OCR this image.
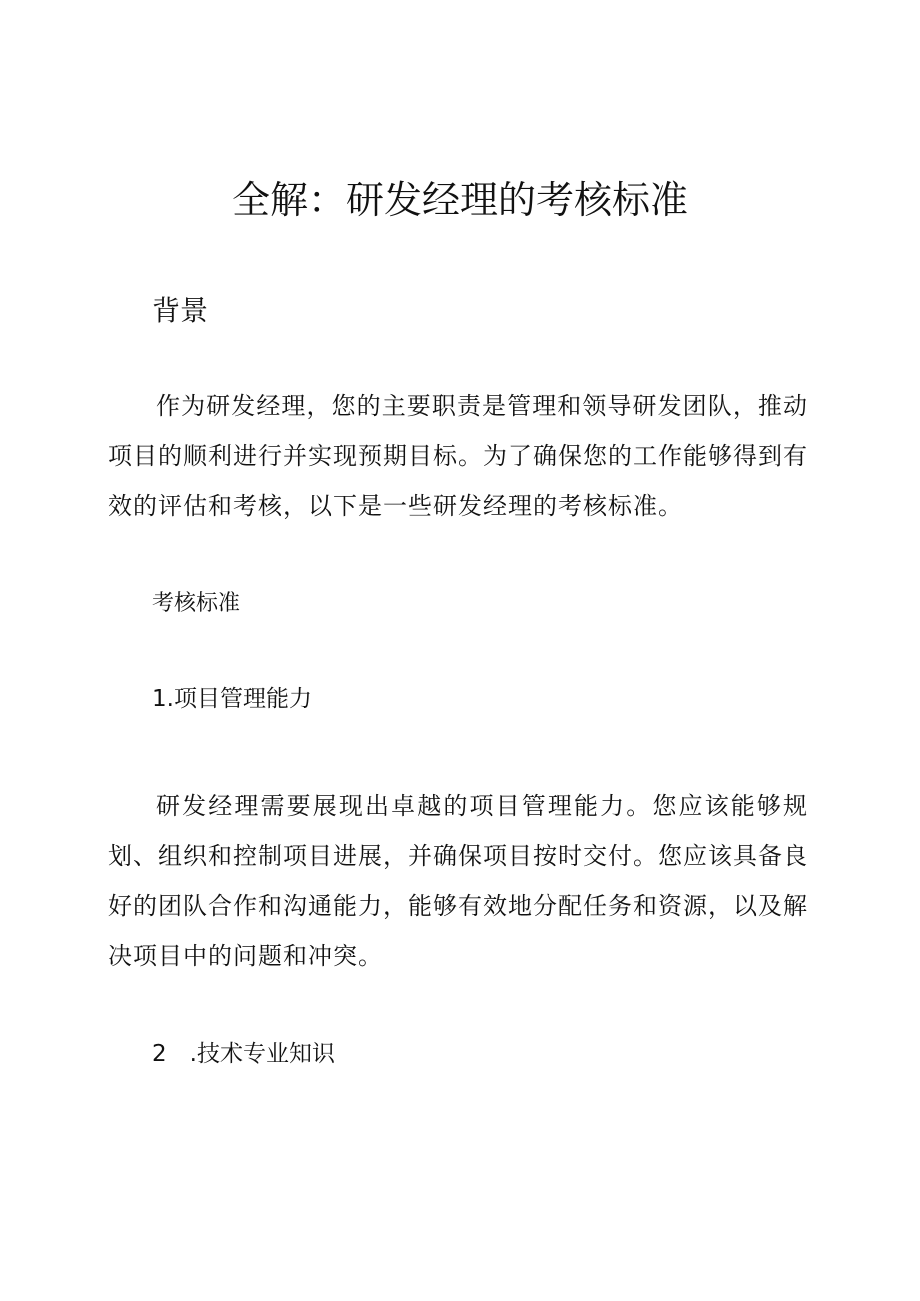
全解：研发经理的考核标准
背景

作为研发经理，您的主要职责是管理和领导研发团队，推动项目的顺利进行并实现预期目标。为了确保您的工作能够得到有效的评估和考核，以下是一些研发经理的考核标准。

考核标准
1.项目管理能力

研发经理需要展现出卓越的项目管理能力。您应该能够规划、组织和控制项目进展，并确保项目按时交付。您应该具备良好的团队合作和沟通能力，能够有效地分配任务和资源，以及解决项目中的问题和冲突。

2 .技术专业知识
